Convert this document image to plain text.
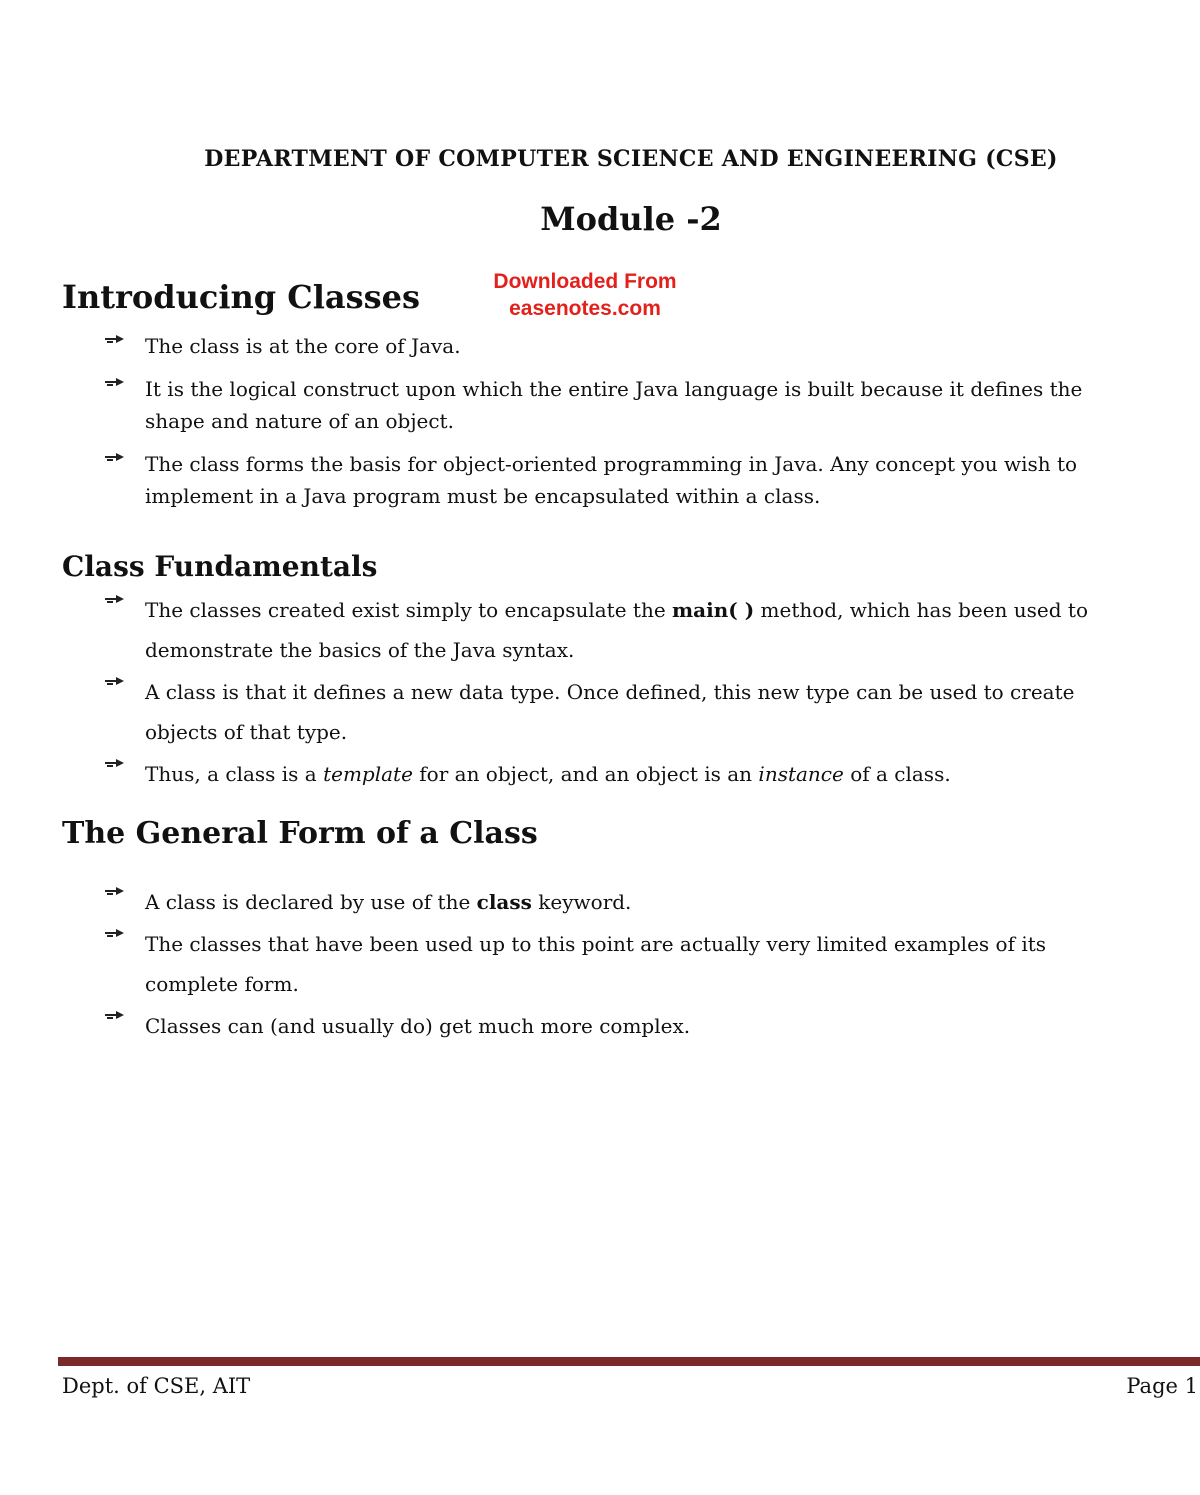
DEPARTMENT OF COMPUTER SCIENCE AND ENGINEERING (CSE)
Module -2
Downloaded From
easenotes.com
Introducing Classes
The class is at the core of Java.
It is the logical construct upon which the entire Java language is built because it defines the shape and nature of an object.
The class forms the basis for object-oriented programming in Java. Any concept you wish to implement in a Java program must be encapsulated within a class.
Class Fundamentals
The classes created exist simply to encapsulate the main( ) method, which has been used to demonstrate the basics of the Java syntax.
A class is that it defines a new data type. Once defined, this new type can be used to create objects of that type.
Thus, a class is a template for an object, and an object is an instance of a class.
The General Form of a Class
A class is declared by use of the class keyword.
The classes that have been used up to this point are actually very limited examples of its complete form.
Classes can (and usually do) get much more complex.
Dept. of CSE, AIT	Page 1
